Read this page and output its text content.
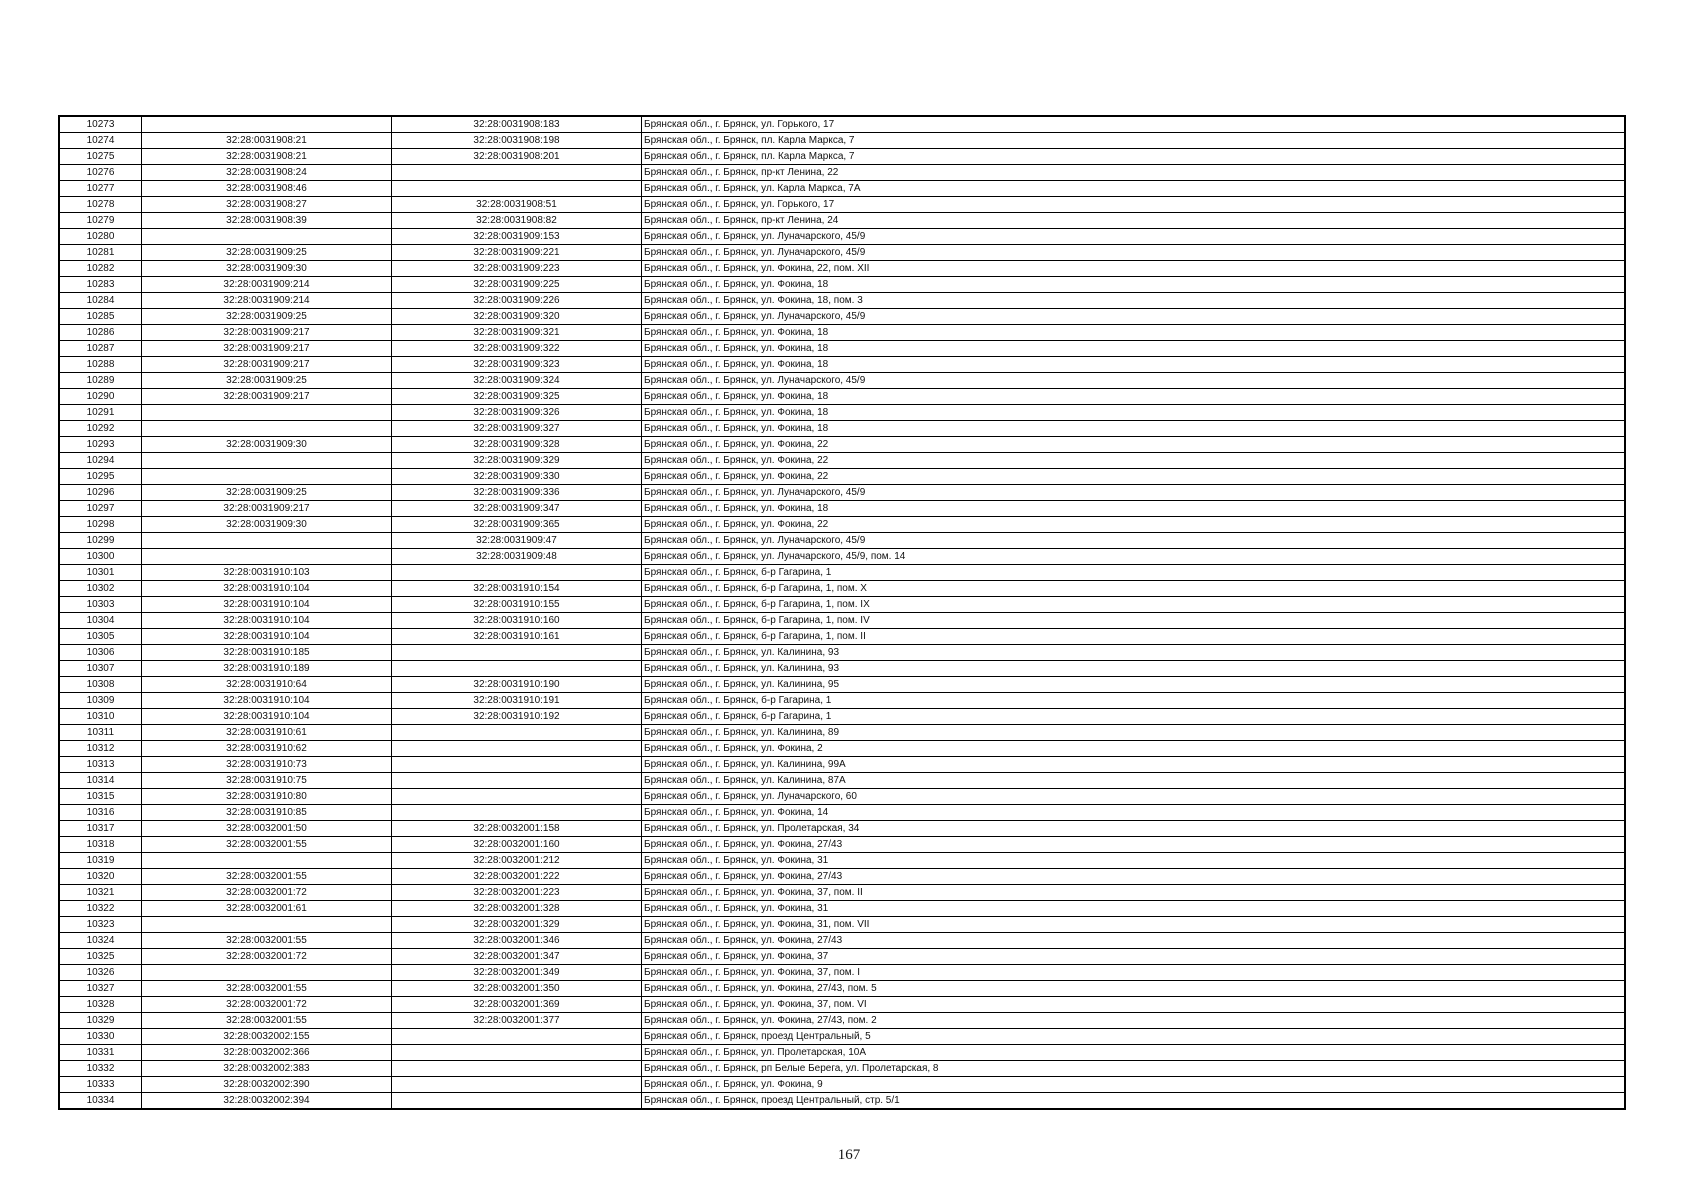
10273		32:28:0031908:183	Брянская обл., г. Брянск, ул. Горького, 17
10274	32:28:0031908:21	32:28:0031908:198	Брянская обл., г. Брянск, пл. Карла Маркса, 7
10275	32:28:0031908:21	32:28:0031908:201	Брянская обл., г. Брянск, пл. Карла Маркса, 7
10276	32:28:0031908:24		Брянская обл., г. Брянск, пр-кт Ленина, 22
10277	32:28:0031908:46		Брянская обл., г. Брянск, ул. Карла Маркса, 7А
10278	32:28:0031908:27	32:28:0031908:51	Брянская обл., г. Брянск, ул. Горького, 17
10279	32:28:0031908:39	32:28:0031908:82	Брянская обл., г. Брянск, пр-кт Ленина, 24
10280		32:28:0031909:153	Брянская обл., г. Брянск, ул. Луначарского, 45/9
10281	32:28:0031909:25	32:28:0031909:221	Брянская обл., г. Брянск, ул. Луначарского, 45/9
10282	32:28:0031909:30	32:28:0031909:223	Брянская обл., г. Брянск, ул. Фокина, 22, пом. XII
10283	32:28:0031909:214	32:28:0031909:225	Брянская обл., г. Брянск, ул. Фокина, 18
10284	32:28:0031909:214	32:28:0031909:226	Брянская обл., г. Брянск, ул. Фокина, 18, пом. 3
10285	32:28:0031909:25	32:28:0031909:320	Брянская обл., г. Брянск, ул. Луначарского, 45/9
10286	32:28:0031909:217	32:28:0031909:321	Брянская обл., г. Брянск, ул. Фокина, 18
10287	32:28:0031909:217	32:28:0031909:322	Брянская обл., г. Брянск, ул. Фокина, 18
10288	32:28:0031909:217	32:28:0031909:323	Брянская обл., г. Брянск, ул. Фокина, 18
10289	32:28:0031909:25	32:28:0031909:324	Брянская обл., г. Брянск, ул. Луначарского, 45/9
10290	32:28:0031909:217	32:28:0031909:325	Брянская обл., г. Брянск, ул. Фокина, 18
10291		32:28:0031909:326	Брянская обл., г. Брянск, ул. Фокина, 18
10292		32:28:0031909:327	Брянская обл., г. Брянск, ул. Фокина, 18
10293	32:28:0031909:30	32:28:0031909:328	Брянская обл., г. Брянск, ул. Фокина, 22
10294		32:28:0031909:329	Брянская обл., г. Брянск, ул. Фокина, 22
10295		32:28:0031909:330	Брянская обл., г. Брянск, ул. Фокина, 22
10296	32:28:0031909:25	32:28:0031909:336	Брянская обл., г. Брянск, ул. Луначарского, 45/9
10297	32:28:0031909:217	32:28:0031909:347	Брянская обл., г. Брянск, ул. Фокина, 18
10298	32:28:0031909:30	32:28:0031909:365	Брянская обл., г. Брянск, ул. Фокина, 22
10299		32:28:0031909:47	Брянская обл., г. Брянск, ул. Луначарского, 45/9
10300		32:28:0031909:48	Брянская обл., г. Брянск, ул. Луначарского, 45/9, пом. 14
10301	32:28:0031910:103		Брянская обл., г. Брянск, б-р Гагарина, 1
10302	32:28:0031910:104	32:28:0031910:154	Брянская обл., г. Брянск, б-р Гагарина, 1, пом. X
10303	32:28:0031910:104	32:28:0031910:155	Брянская обл., г. Брянск, б-р Гагарина, 1, пом. IX
10304	32:28:0031910:104	32:28:0031910:160	Брянская обл., г. Брянск, б-р Гагарина, 1, пом. IV
10305	32:28:0031910:104	32:28:0031910:161	Брянская обл., г. Брянск, б-р Гагарина, 1, пом. II
10306	32:28:0031910:185		Брянская обл., г. Брянск, ул. Калинина, 93
10307	32:28:0031910:189		Брянская обл., г. Брянск, ул. Калинина, 93
10308	32:28:0031910:64	32:28:0031910:190	Брянская обл., г. Брянск, ул. Калинина, 95
10309	32:28:0031910:104	32:28:0031910:191	Брянская обл., г. Брянск, б-р Гагарина, 1
10310	32:28:0031910:104	32:28:0031910:192	Брянская обл., г. Брянск, б-р Гагарина, 1
10311	32:28:0031910:61		Брянская обл., г. Брянск, ул. Калинина, 89
10312	32:28:0031910:62		Брянская обл., г. Брянск, ул. Фокина, 2
10313	32:28:0031910:73		Брянская обл., г. Брянск, ул. Калинина, 99А
10314	32:28:0031910:75		Брянская обл., г. Брянск, ул. Калинина, 87А
10315	32:28:0031910:80		Брянская обл., г. Брянск, ул. Луначарского, 60
10316	32:28:0031910:85		Брянская обл., г. Брянск, ул. Фокина, 14
10317	32:28:0032001:50	32:28:0032001:158	Брянская обл., г. Брянск, ул. Пролетарская, 34
10318	32:28:0032001:55	32:28:0032001:160	Брянская обл., г. Брянск, ул. Фокина, 27/43
10319		32:28:0032001:212	Брянская обл., г. Брянск, ул. Фокина, 31
10320	32:28:0032001:55	32:28:0032001:222	Брянская обл., г. Брянск, ул. Фокина, 27/43
10321	32:28:0032001:72	32:28:0032001:223	Брянская обл., г. Брянск, ул. Фокина, 37, пом. II
10322	32:28:0032001:61	32:28:0032001:328	Брянская обл., г. Брянск, ул. Фокина, 31
10323		32:28:0032001:329	Брянская обл., г. Брянск, ул. Фокина, 31, пом. VII
10324	32:28:0032001:55	32:28:0032001:346	Брянская обл., г. Брянск, ул. Фокина, 27/43
10325	32:28:0032001:72	32:28:0032001:347	Брянская обл., г. Брянск, ул. Фокина, 37
10326		32:28:0032001:349	Брянская обл., г. Брянск, ул. Фокина, 37, пом. I
10327	32:28:0032001:55	32:28:0032001:350	Брянская обл., г. Брянск, ул. Фокина, 27/43, пом. 5
10328	32:28:0032001:72	32:28:0032001:369	Брянская обл., г. Брянск, ул. Фокина, 37, пом. VI
10329	32:28:0032001:55	32:28:0032001:377	Брянская обл., г. Брянск, ул. Фокина, 27/43, пом. 2
10330	32:28:0032002:155		Брянская обл., г. Брянск, проезд Центральный, 5
10331	32:28:0032002:366		Брянская обл., г. Брянск, ул. Пролетарская, 10А
10332	32:28:0032002:383		Брянская обл., г. Брянск, рп Белые Берега, ул. Пролетарская, 8
10333	32:28:0032002:390		Брянская обл., г. Брянск, ул. Фокина, 9
10334	32:28:0032002:394		Брянская обл., г. Брянск, проезд Центральный, стр. 5/1
167
